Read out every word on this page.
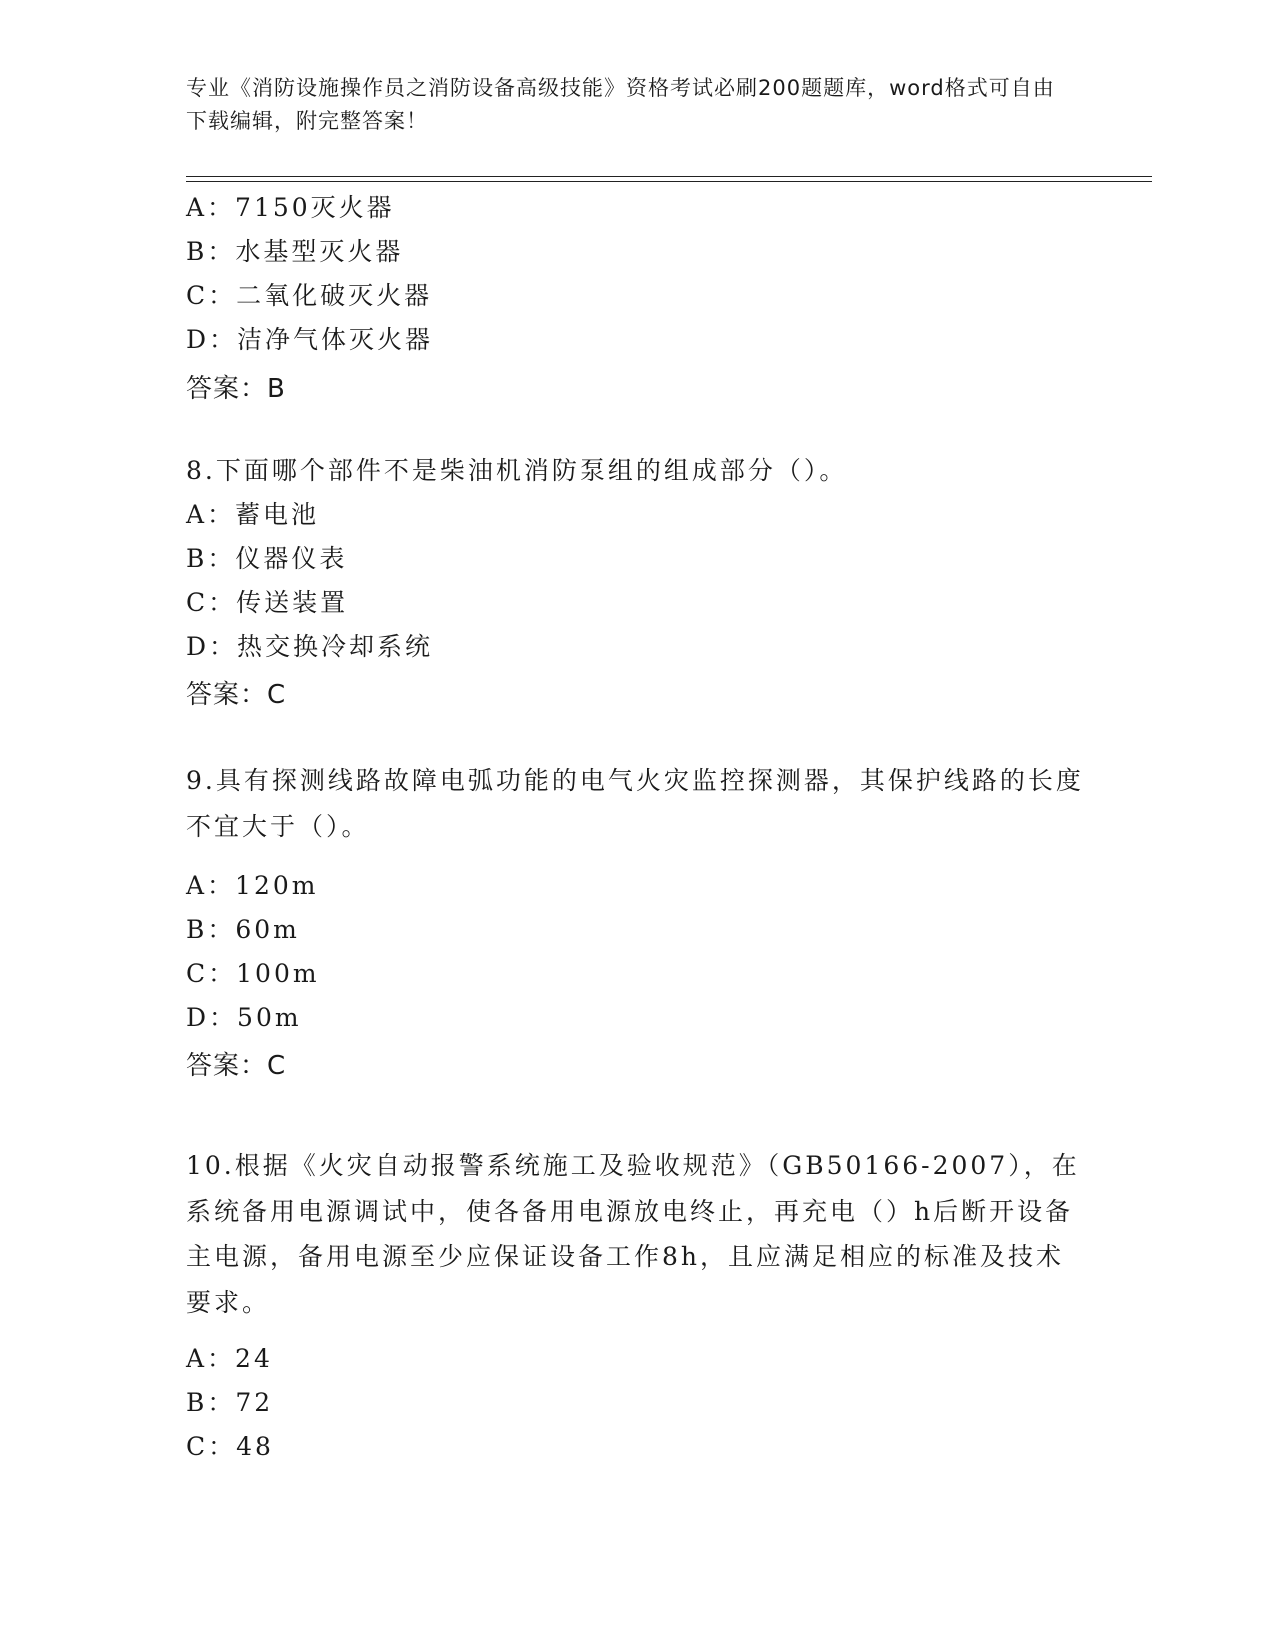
专业《消防设施操作员之消防设备高级技能》资格考试必刷200题题库，word格式可自由下载编辑，附完整答案！
A：7150灭火器
B：水基型灭火器
C：二氧化破灭火器
D：洁净气体灭火器
答案：B
8.下面哪个部件不是柴油机消防泵组的组成部分（）。
A：蓄电池
B：仪器仪表
C：传送装置
D：热交换冷却系统
答案：C
9.具有探测线路故障电弧功能的电气火灾监控探测器，其保护线路的长度不宜大于（）。
A：120m
B：60m
C：100m
D：50m
答案：C
10.根据《火灾自动报警系统施工及验收规范》（GB50166-2007），在系统备用电源调试中，使各备用电源放电终止，再充电（）h后断开设备主电源，备用电源至少应保证设备工作8h，且应满足相应的标准及技术要求。
A：24
B：72
C：48
